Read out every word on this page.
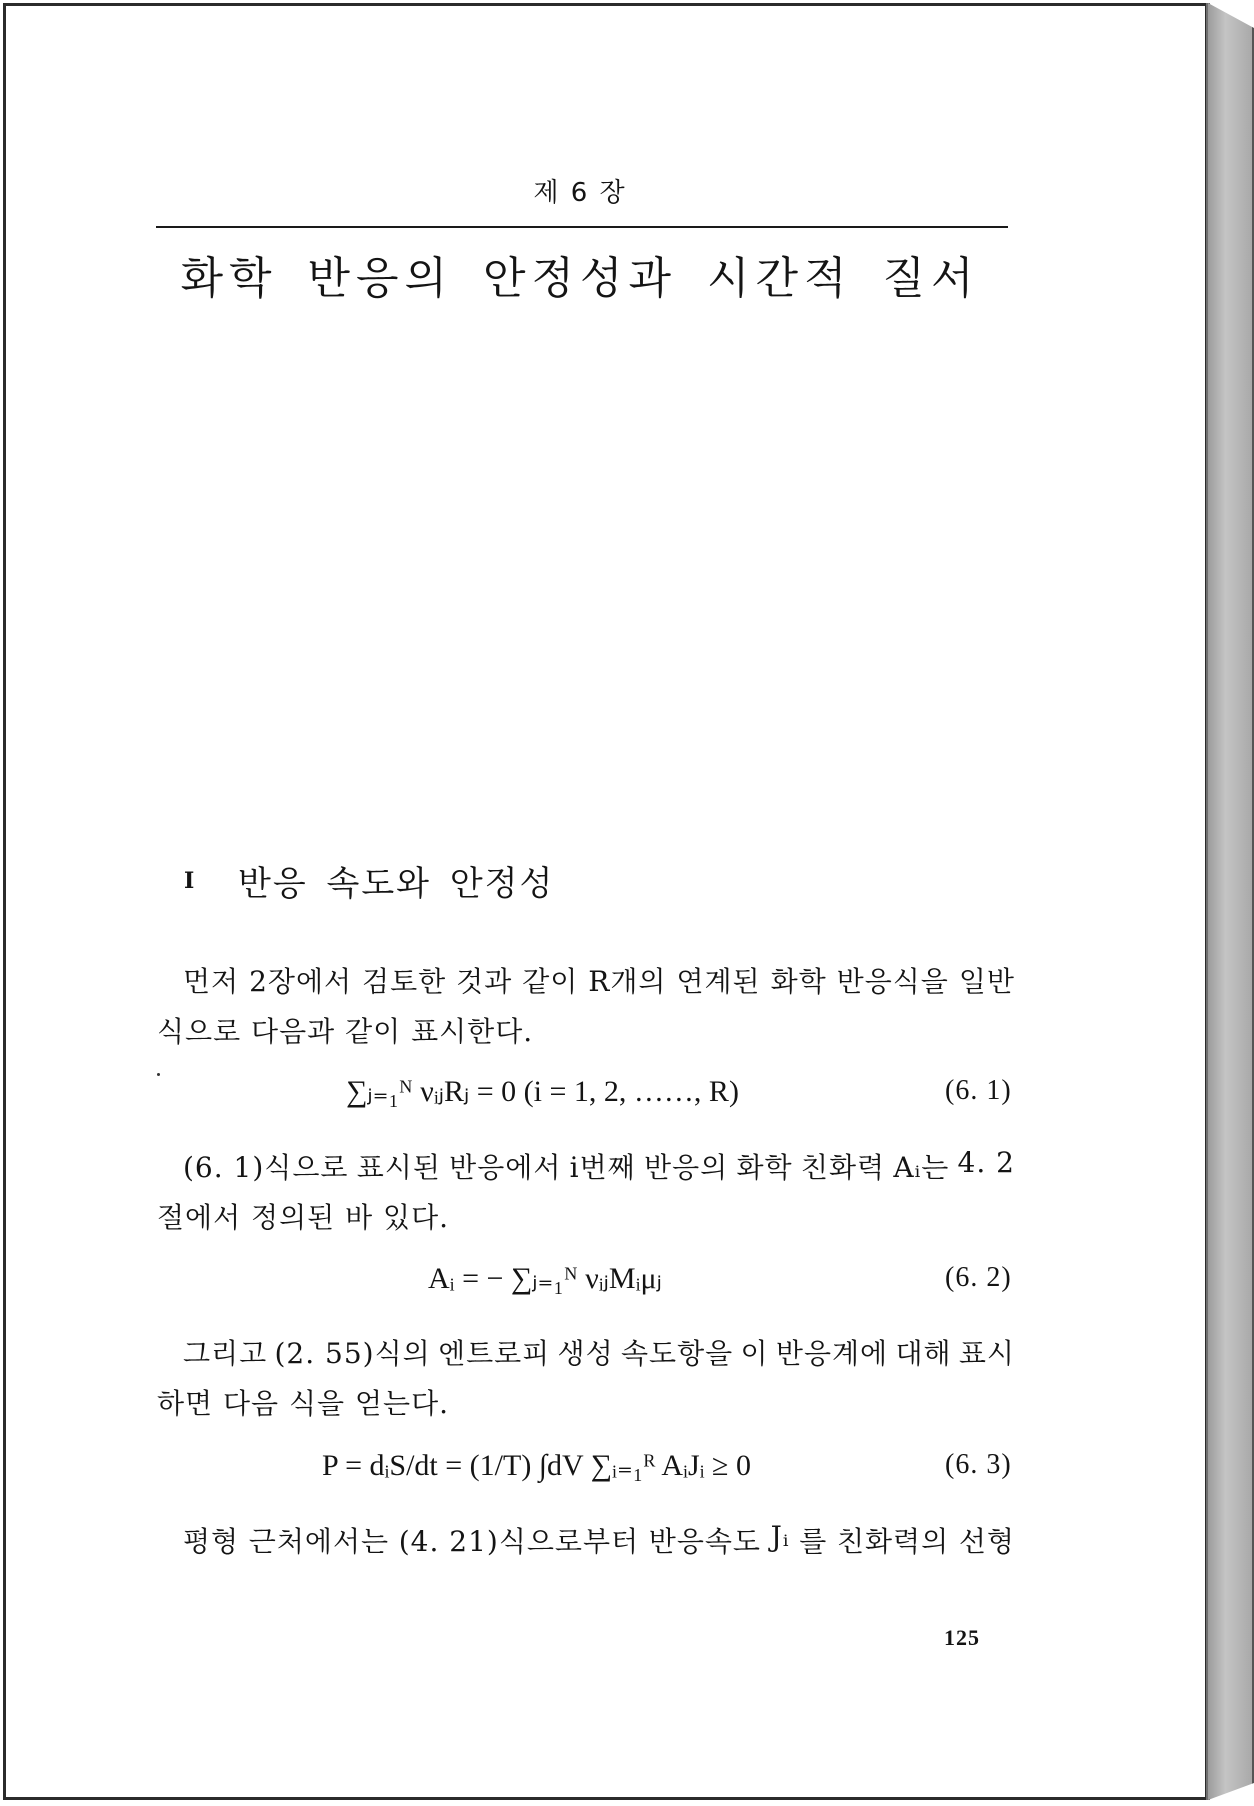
제 6 장
화학 반응의 안정성과 시간적 질서
I 반응 속도와 안정성
먼저 2장에서 검토한 것과 같이 R개의 연계된 화학 반응식을 일반
식으로 다음과 같이 표시한다.
∑ⱼ₌₁ᴺ νᵢⱼRⱼ = 0 (i = 1, 2, ……, R)	(6. 1)
(6. 1)식으로 표시된 반응에서 i번째 반응의 화학 친화력 Aᵢ는 4. 2
절에서 정의된 바 있다.
Aᵢ = − ∑ⱼ₌₁ᴺ νᵢⱼMᵢμⱼ	(6. 2)
그리고 (2. 55)식의 엔트로피 생성 속도항을 이 반응계에 대해 표시
하면 다음 식을 얻는다.
P = dᵢS/dt = (1/T) ∫dV ∑ᵢ₌₁ᴿ AᵢJᵢ ≥ 0	(6. 3)
평형 근처에서는 (4. 21)식으로부터 반응속도 Jᵢ 를 친화력의 선형
125
